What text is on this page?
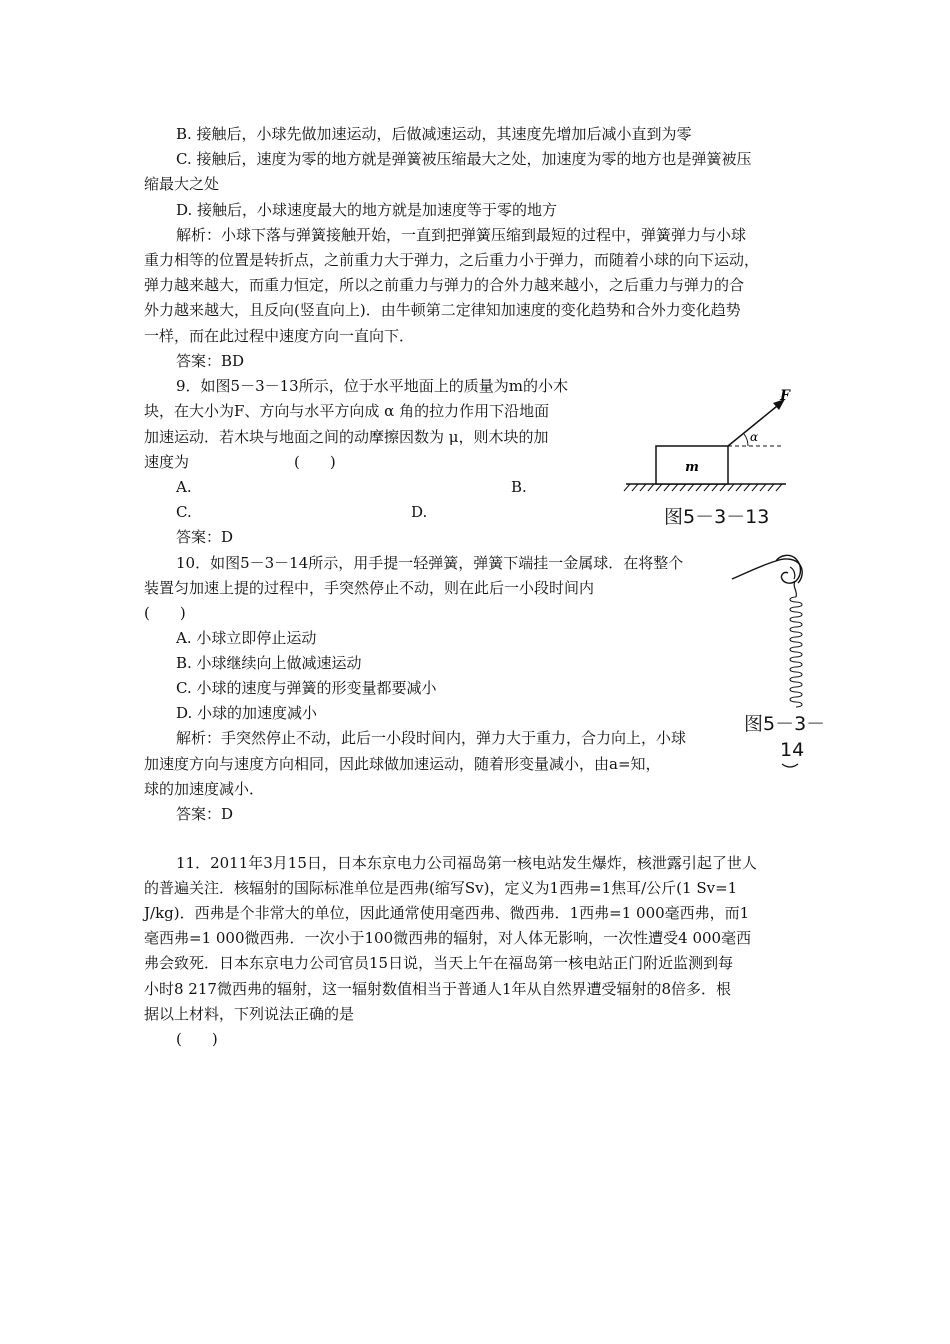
B. 接触后，小球先做加速运动，后做减速运动，其速度先增加后减小直到为零
C. 接触后，速度为零的地方就是弹簧被压缩最大之处，加速度为零的地方也是弹簧被压
缩最大之处
D. 接触后，小球速度最大的地方就是加速度等于零的地方
解析：小球下落与弹簧接触开始，一直到把弹簧压缩到最短的过程中，弹簧弹力与小球
重力相等的位置是转折点，之前重力大于弹力，之后重力小于弹力，而随着小球的向下运动，
弹力越来越大，而重力恒定，所以之前重力与弹力的合外力越来越小，之后重力与弹力的合
外力越来越大，且反向(竖直向上)．由牛顿第二定律知加速度的变化趋势和合外力变化趋势
一样，而在此过程中速度方向一直向下．
答案：BD
9．如图5－3－13所示，位于水平地面上的质量为m的小木
块，在大小为F、方向与水平方向成 α 角的拉力作用下沿地面
加速运动．若木块与地面之间的动摩擦因数为 μ，则木块的加
速度为　　　　　　　(　　)
A.	B.
C.	D.
答案：D
m
F
α
图5－3－13
10．如图5－3－14所示，用手提一轻弹簧，弹簧下端挂一金属球．在将整个
装置匀加速上提的过程中，手突然停止不动，则在此后一小段时间内
(　　)
A. 小球立即停止运动
B. 小球继续向上做减速运动
C. 小球的速度与弹簧的形变量都要减小
D. 小球的加速度减小
解析：手突然停止不动，此后一小段时间内，弹力大于重力，合力向上，小球
加速度方向与速度方向相同，因此球做加速运动，随着形变量减小，由a=知，
球的加速度减小．
答案：D
图5－3－
14
11．2011年3月15日，日本东京电力公司福岛第一核电站发生爆炸，核泄露引起了世人
的普遍关注．核辐射的国际标准单位是西弗(缩写Sv)，定义为1西弗=1焦耳/公斤(1 Sv=1
J/kg)．西弗是个非常大的单位，因此通常使用毫西弗、微西弗．1西弗=1 000毫西弗，而1
毫西弗=1 000微西弗．一次小于100微西弗的辐射，对人体无影响，一次性遭受4 000毫西
弗会致死．日本东京电力公司官员15日说，当天上午在福岛第一核电站正门附近监测到每
小时8 217微西弗的辐射，这一辐射数值相当于普通人1年从自然界遭受辐射的8倍多．根
据以上材料，下列说法正确的是
(　　)
